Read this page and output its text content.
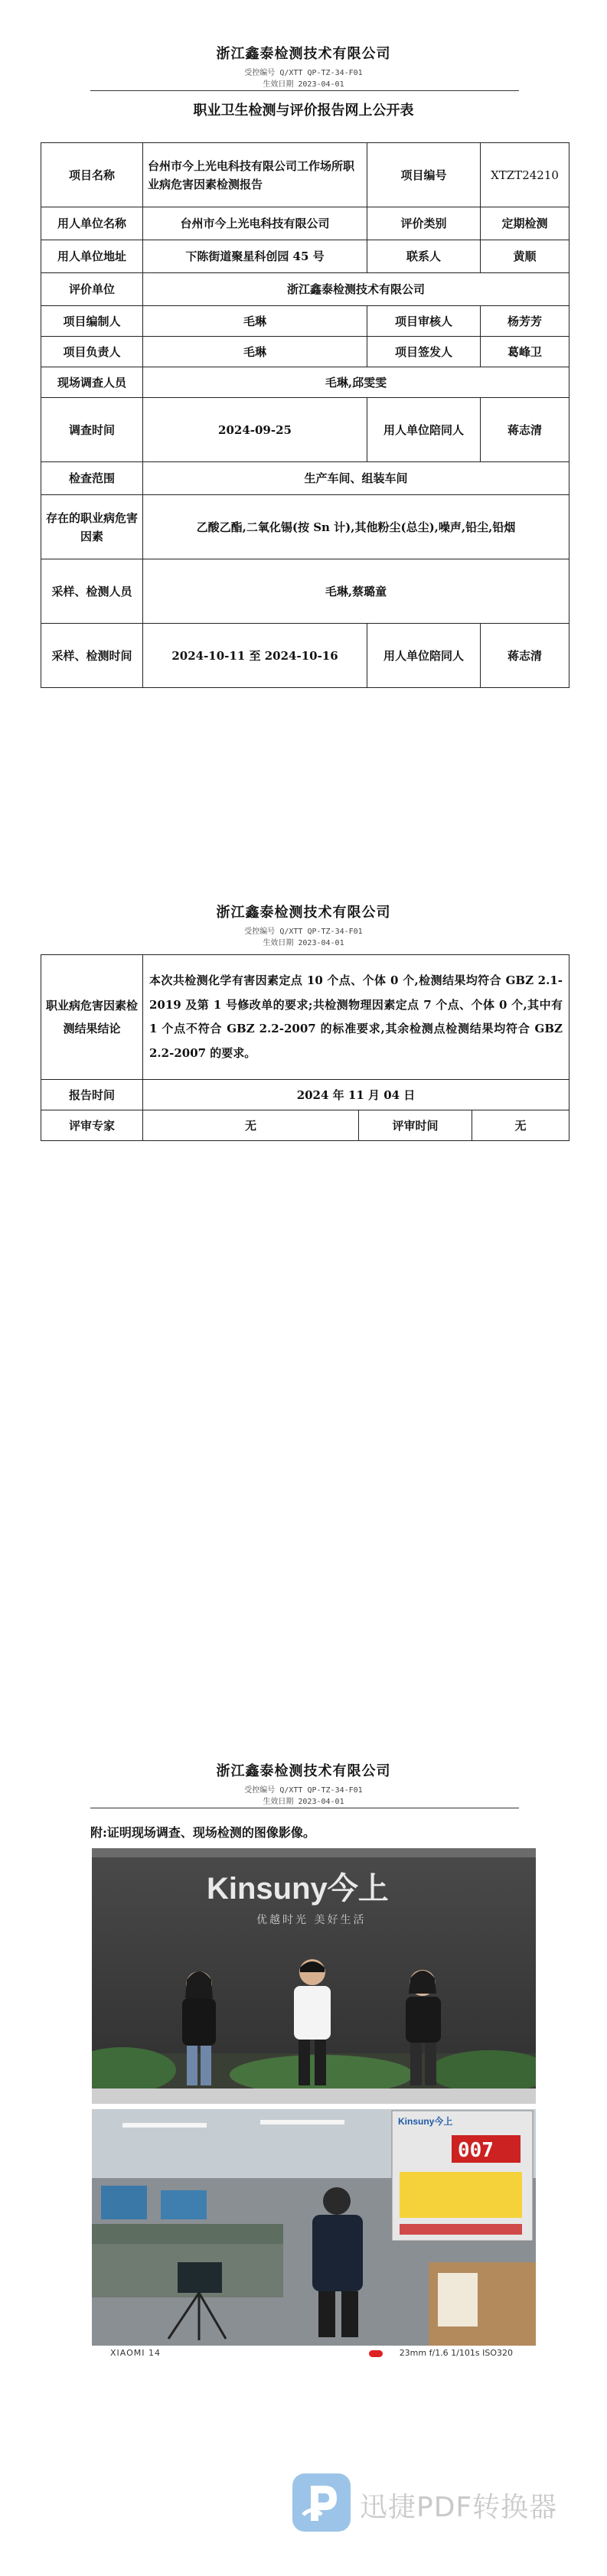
浙江鑫泰检测技术有限公司
受控编号 Q/XTT QP-TZ-34-F01
生效日期 2023-04-01
职业卫生检测与评价报告网上公开表
项目名称	台州市今上光电科技有限公司工作场所职业病危害因素检测报告	项目编号	XTZT24210
用人单位名称	台州市今上光电科技有限公司	评价类别	定期检测
用人单位地址	下陈街道聚星科创园 45 号	联系人	黄顺
评价单位	浙江鑫泰检测技术有限公司		
项目编制人	毛琳	项目审核人	杨芳芳
项目负责人	毛琳	项目签发人	葛峰卫
现场调查人员	毛琳,邱雯雯		
调查时间	2024-09-25	用人单位陪同人	蒋志清
检查范围	生产车间、组装车间		
存在的职业病危害因素	乙酸乙酯,二氧化锡(按 Sn 计),其他粉尘(总尘),噪声,铅尘,铅烟		
采样、检测人员	毛琳,蔡璐童		
采样、检测时间	2024-10-11 至 2024-10-16	用人单位陪同人	蒋志清
浙江鑫泰检测技术有限公司
受控编号 Q/XTT QP-TZ-34-F01
生效日期 2023-04-01
职业病危害因素检测结果结论	本次共检测化学有害因素定点 10 个点、个体 0 个,检测结果均符合 GBZ 2.1-2019 及第 1 号修改单的要求;共检测物理因素定点 7 个点、个体 0 个,其中有 1 个点不符合 GBZ 2.2-2007 的标准要求,其余检测点检测结果均符合 GBZ 2.2-2007 的要求。		
报告时间	2024 年 11 月 04 日		
评审专家	无	评审时间	无
浙江鑫泰检测技术有限公司
受控编号 Q/XTT QP-TZ-34-F01
生效日期 2023-04-01
附:证明现场调查、现场检测的图像影像。
Kinsuny今上
优越时光 美好生活
Kinsuny今上
007
XIAOMI 14	23mm f/1.6 1/101s ISO320
迅捷PDF转换器
